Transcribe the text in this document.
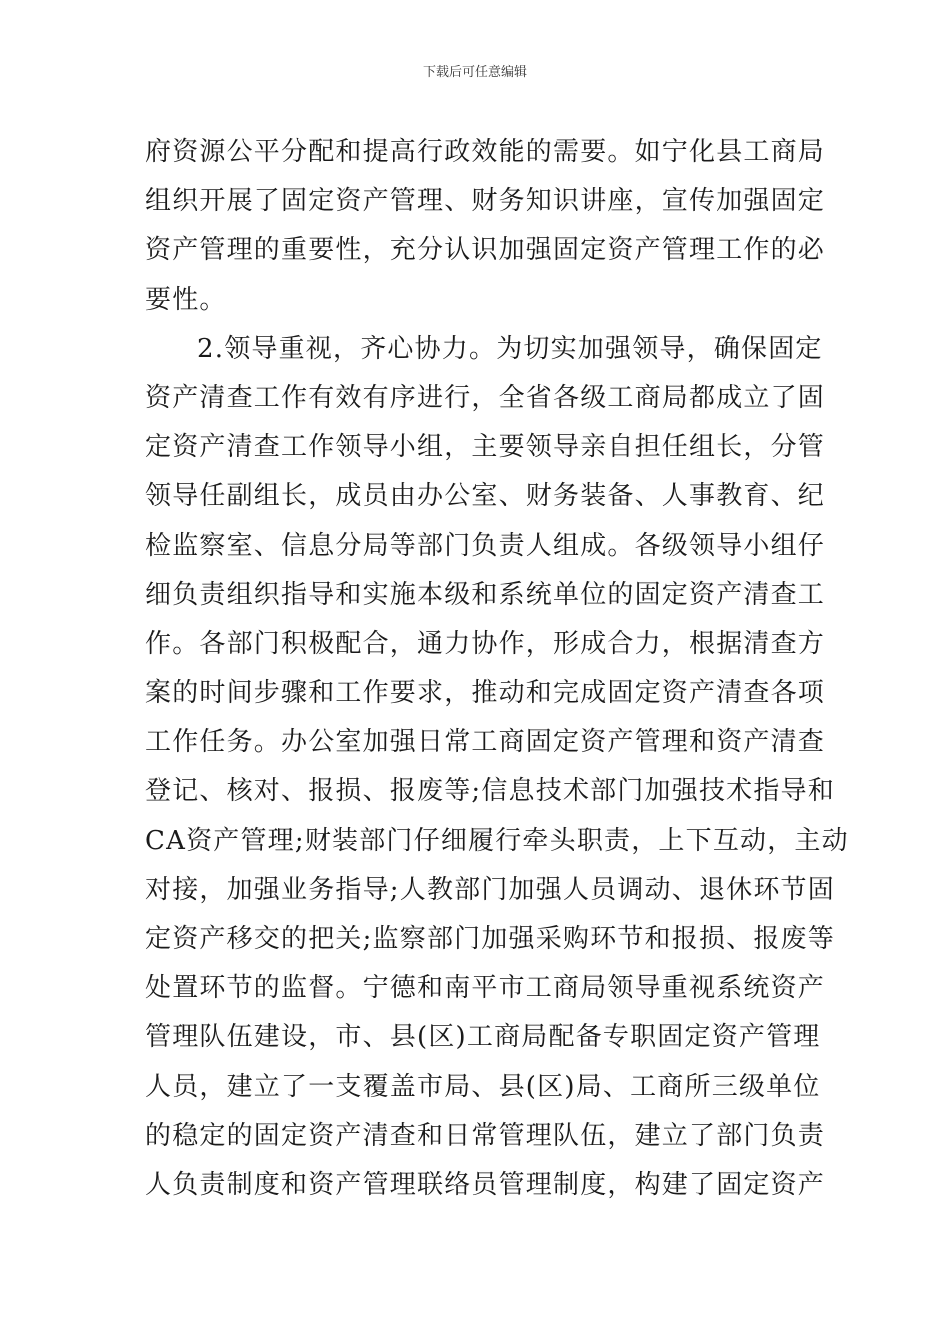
下载后可任意编辑
府资源公平分配和提高行政效能的需要。如宁化县工商局
组织开展了固定资产管理、财务知识讲座，宣传加强固定
资产管理的重要性，充分认识加强固定资产管理工作的必
要性。
2.领导重视，齐心协力。为切实加强领导，确保固定
资产清查工作有效有序进行，全省各级工商局都成立了固
定资产清查工作领导小组，主要领导亲自担任组长，分管
领导任副组长，成员由办公室、财务装备、人事教育、纪
检监察室、信息分局等部门负责人组成。各级领导小组仔
细负责组织指导和实施本级和系统单位的固定资产清查工
作。各部门积极配合，通力协作，形成合力，根据清查方
案的时间步骤和工作要求，推动和完成固定资产清查各项
工作任务。办公室加强日常工商固定资产管理和资产清查
登记、核对、报损、报废等;信息技术部门加强技术指导和
CA资产管理;财装部门仔细履行牵头职责，上下互动，主动
对接，加强业务指导;人教部门加强人员调动、退休环节固
定资产移交的把关;监察部门加强采购环节和报损、报废等
处置环节的监督。宁德和南平市工商局领导重视系统资产
管理队伍建设，市、县(区)工商局配备专职固定资产管理
人员，建立了一支覆盖市局、县(区)局、工商所三级单位
的稳定的固定资产清查和日常管理队伍，建立了部门负责
人负责制度和资产管理联络员管理制度，构建了固定资产
